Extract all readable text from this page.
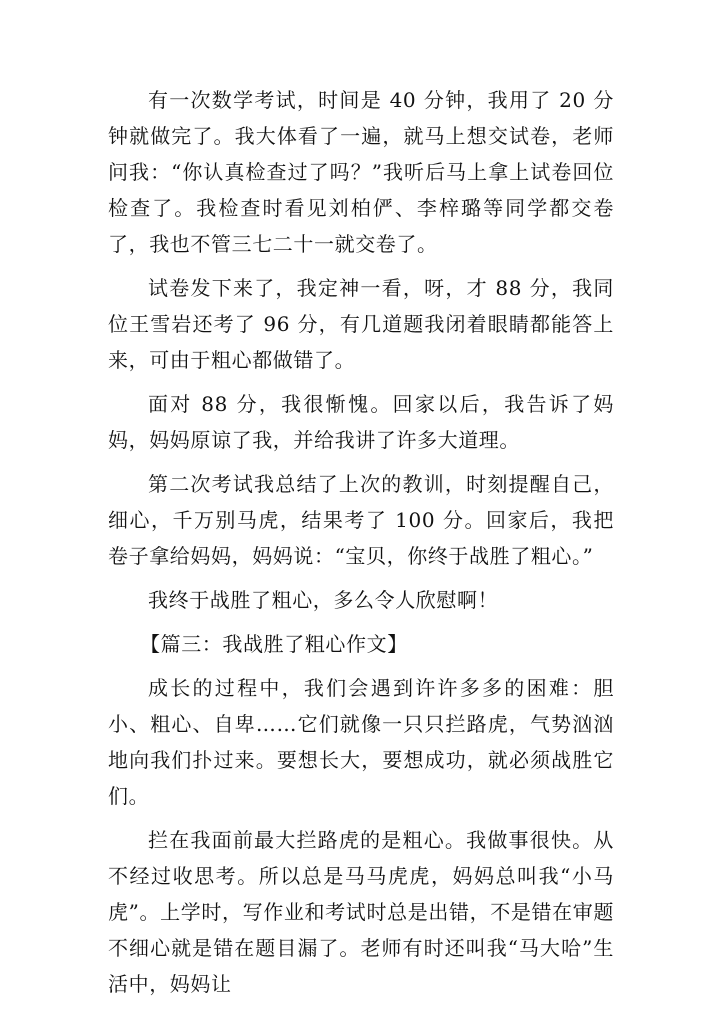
有一次数学考试，时间是 40 分钟，我用了 20 分钟就做完了。我大体看了一遍，就马上想交试卷，老师问我：“你认真检查过了吗？”我听后马上拿上试卷回位检查了。我检查时看见刘柏俨、李梓璐等同学都交卷了，我也不管三七二十一就交卷了。

试卷发下来了，我定神一看，呀，才 88 分，我同位王雪岩还考了 96 分，有几道题我闭着眼睛都能答上来，可由于粗心都做错了。

面对 88 分，我很惭愧。回家以后，我告诉了妈妈，妈妈原谅了我，并给我讲了许多大道理。

第二次考试我总结了上次的教训，时刻提醒自己，细心，千万别马虎，结果考了 100 分。回家后，我把卷子拿给妈妈，妈妈说：“宝贝，你终于战胜了粗心。”

我终于战胜了粗心，多么令人欣慰啊！

【篇三：我战胜了粗心作文】

成长的过程中，我们会遇到许许多多的困难：胆小、粗心、自卑……它们就像一只只拦路虎，气势汹汹地向我们扑过来。要想长大，要想成功，就必须战胜它们。

拦在我面前最大拦路虎的是粗心。我做事很快。从不经过收思考。所以总是马马虎虎，妈妈总叫我“小马虎”。上学时，写作业和考试时总是出错，不是错在审题不细心就是错在题目漏了。老师有时还叫我“马大哈”生活中，妈妈让
